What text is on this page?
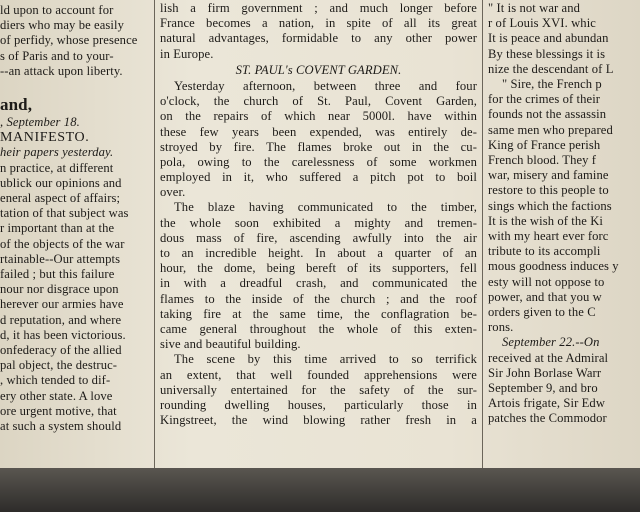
ld upon to account for
diers who may be easily
of perfidy, whose presence
s of Paris and to your-
--an attack upon liberty.
and,
, September 18.
MANIFESTO.
heir papers yesterday.
n practice, at different
ublick our opinions and
eneral aspect of affairs;
tation of that subject was
r important than at the
of the objects of the war
rtainable--Our attempts
failed ; but this failure
nour nor disgrace upon
herever our armies have
d reputation, and where
d, it has been victorious.
onfederacy of the allied
pal object, the destruc-
, which tended to dif-
ery other state. A love
ore urgent motive, that
at such a system should
lish a firm government ; and much longer before
France becomes a nation, in spite of all its great
natural advantages, formidable to any other power
in Europe.
ST. PAUL's COVENT GARDEN.
Yesterday afternoon, between three and four
o'clock, the church of St. Paul, Covent Garden,
on the repairs of which near 5000l. have within
these few years been expended, was entirely de-
stroyed by fire. The flames broke out in the cu-
pola, owing to the carelessness of some workmen
employed in it, who suffered a pitch pot to boil
over.
The blaze having communicated to the timber,
the whole soon exhibited a mighty and tremen-
dous mass of fire, ascending awfully into the air
to an incredible height. In about a quarter of an
hour, the dome, being bereft of its supporters, fell
in with a dreadful crash, and communicated the
flames to the inside of the church ; and the roof
taking fire at the same time, the conflagration be-
came general throughout the whole of this exten-
sive and beautiful building.
The scene by this time arrived to so terrifick
an extent, that well founded apprehensions were
universally entertained for the safety of the sur-
rounding dwelling houses, particularly those in
Kingstreet, the wind blowing rather fresh in a
" It is not war and
r of Louis XVI. whic
It is peace and abundan
By these blessings it is
nize the descendant of L
" Sire, the French p
for the crimes of their
founds not the assassin
same men who prepared
King of France perish
French blood. They f
war, misery and famine
restore to this people to
sings which the factions
It is the wish of the Ki
with my heart ever forc
tribute to its accompli
mous goodness induces y
esty will not oppose to
power, and that you w
orders given to the C
rons.
September 22.--On
received at the Admiral
Sir John Borlase Warr
September 9, and bro
Artois frigate, Sir Edw
patches the Commodor
